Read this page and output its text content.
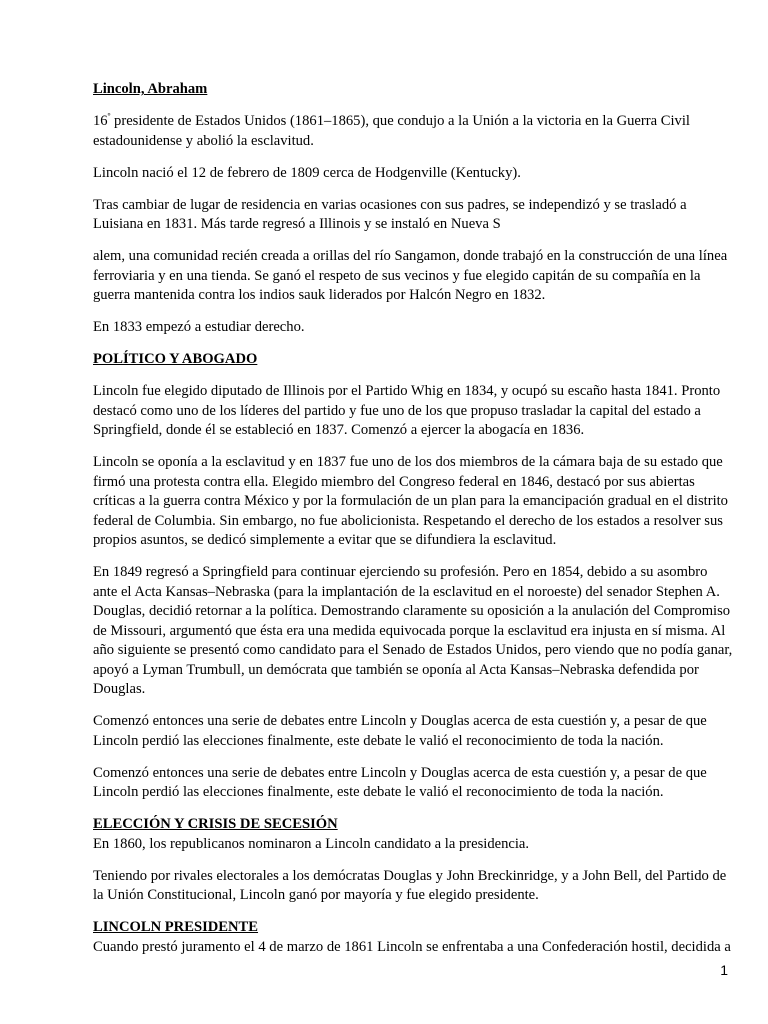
Lincoln, Abraham
$16^º$ presidente de Estados Unidos (1861–1865), que condujo a la Unión a la victoria en la Guerra Civil estadounidense y abolió la esclavitud.
Lincoln nació el 12 de febrero de 1809 cerca de Hodgenville (Kentucky).
Tras cambiar de lugar de residencia en varias ocasiones con sus padres, se independizó y se trasladó a Luisiana en 1831. Más tarde regresó a Illinois y se instaló en Nueva S
alem, una comunidad recién creada a orillas del río Sangamon, donde trabajó en la construcción de una línea ferroviaria y en una tienda. Se ganó el respeto de sus vecinos y fue elegido capitán de su compañía en la guerra mantenida contra los indios sauk liderados por Halcón Negro en 1832.
En 1833 empezó a estudiar derecho.
POLÍTICO Y ABOGADO
Lincoln fue elegido diputado de Illinois por el Partido Whig en 1834, y ocupó su escaño hasta 1841. Pronto destacó como uno de los líderes del partido y fue uno de los que propuso trasladar la capital del estado a Springfield, donde él se estableció en 1837. Comenzó a ejercer la abogacía en 1836.
Lincoln se oponía a la esclavitud y en 1837 fue uno de los dos miembros de la cámara baja de su estado que firmó una protesta contra ella. Elegido miembro del Congreso federal en 1846, destacó por sus abiertas críticas a la guerra contra México y por la formulación de un plan para la emancipación gradual en el distrito federal de Columbia. Sin embargo, no fue abolicionista. Respetando el derecho de los estados a resolver sus propios asuntos, se dedicó simplemente a evitar que se difundiera la esclavitud.
En 1849 regresó a Springfield para continuar ejerciendo su profesión. Pero en 1854, debido a su asombro ante el Acta Kansas–Nebraska (para la implantación de la esclavitud en el noroeste) del senador Stephen A. Douglas, decidió retornar a la política. Demostrando claramente su oposición a la anulación del Compromiso de Missouri, argumentó que ésta era una medida equivocada porque la esclavitud era injusta en sí misma. Al año siguiente se presentó como candidato para el Senado de Estados Unidos, pero viendo que no podía ganar, apoyó a Lyman Trumbull, un demócrata que también se oponía al Acta Kansas–Nebraska defendida por Douglas.
Comenzó entonces una serie de debates entre Lincoln y Douglas acerca de esta cuestión y, a pesar de que Lincoln perdió las elecciones finalmente, este debate le valió el reconocimiento de toda la nación.
Comenzó entonces una serie de debates entre Lincoln y Douglas acerca de esta cuestión y, a pesar de que Lincoln perdió las elecciones finalmente, este debate le valió el reconocimiento de toda la nación.
ELECCIÓN Y CRISIS DE SECESIÓN
En 1860, los republicanos nominaron a Lincoln candidato a la presidencia.
Teniendo por rivales electorales a los demócratas Douglas y John Breckinridge, y a John Bell, del Partido de la Unión Constitucional, Lincoln ganó por mayoría y fue elegido presidente.
LINCOLN PRESIDENTE
Cuando prestó juramento el 4 de marzo de 1861 Lincoln se enfrentaba a una Confederación hostil, decidida a
1
